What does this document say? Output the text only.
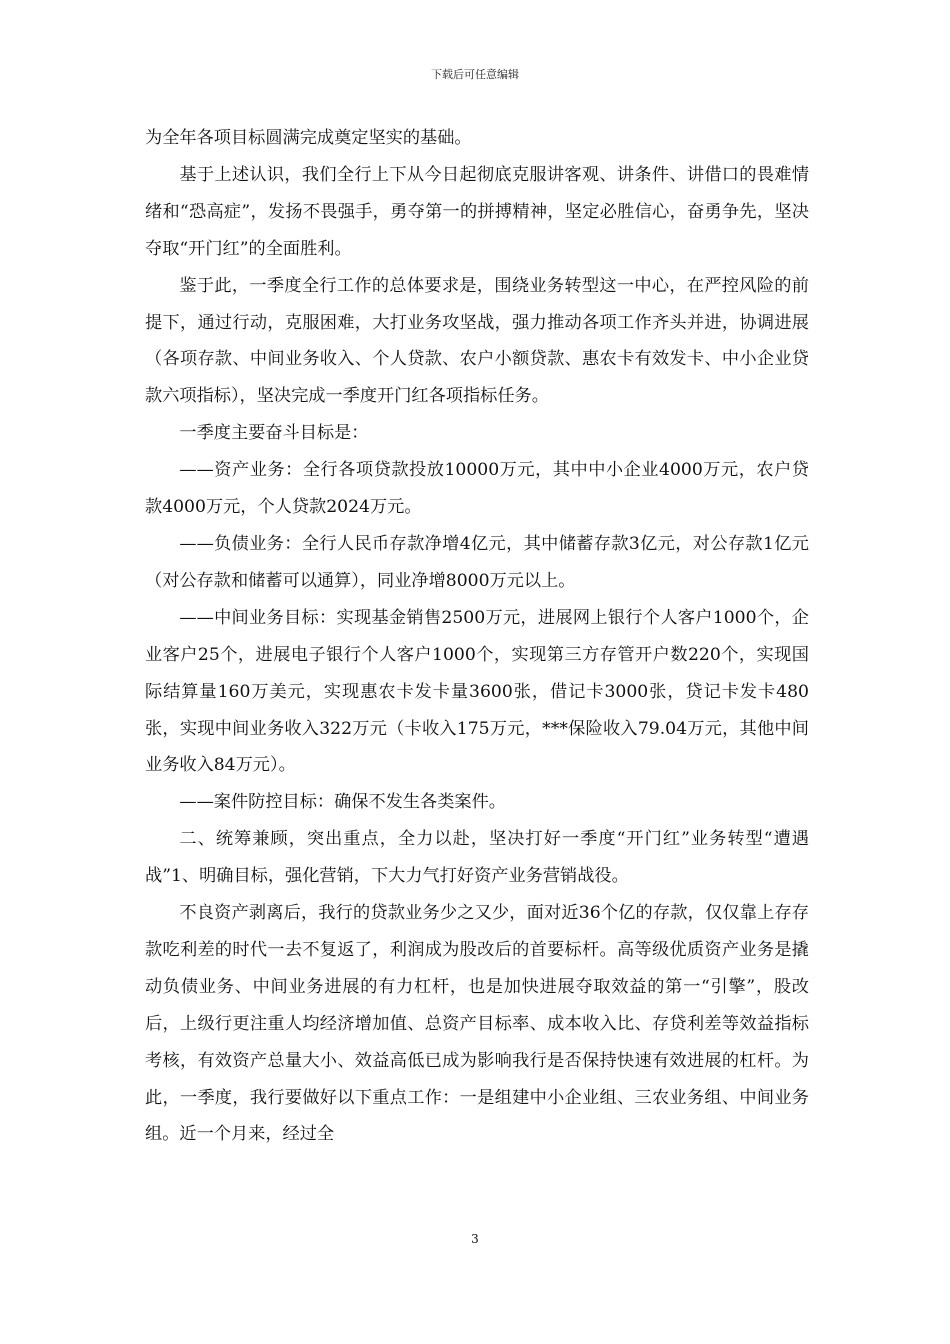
下载后可任意编辑

为全年各项目标圆满完成奠定坚实的基础。

基于上述认识，我们全行上下从今日起彻底克服讲客观、讲条件、讲借口的畏难情绪和“恐高症”，发扬不畏强手，勇夺第一的拼搏精神，坚定必胜信心，奋勇争先，坚决夺取“开门红”的全面胜利。

鉴于此，一季度全行工作的总体要求是，围绕业务转型这一中心，在严控风险的前提下，通过行动，克服困难，大打业务攻坚战，强力推动各项工作齐头并进，协调进展（各项存款、中间业务收入、个人贷款、农户小额贷款、惠农卡有效发卡、中小企业贷款六项指标），坚决完成一季度开门红各项指标任务。

一季度主要奋斗目标是：

——资产业务：全行各项贷款投放10000万元，其中中小企业4000万元，农户贷款4000万元，个人贷款2024万元。

——负债业务：全行人民币存款净增4亿元，其中储蓄存款3亿元，对公存款1亿元（对公存款和储蓄可以通算），同业净增8000万元以上。

——中间业务目标：实现基金销售2500万元，进展网上银行个人客户1000个，企业客户25个，进展电子银行个人客户1000个，实现第三方存管开户数220个，实现国际结算量160万美元，实现惠农卡发卡量3600张，借记卡3000张，贷记卡发卡480张，实现中间业务收入322万元（卡收入175万元，***保险收入79.04万元，其他中间业务收入84万元）。

——案件防控目标：确保不发生各类案件。

二、统筹兼顾，突出重点，全力以赴，坚决打好一季度“开门红”业务转型“遭遇战”1、明确目标，强化营销，下大力气打好资产业务营销战役。

不良资产剥离后，我行的贷款业务少之又少，面对近36个亿的存款，仅仅靠上存存款吃利差的时代一去不复返了，利润成为股改后的首要标杆。高等级优质资产业务是撬动负债业务、中间业务进展的有力杠杆，也是加快进展夺取效益的第一“引擎”，股改后，上级行更注重人均经济增加值、总资产目标率、成本收入比、存贷利差等效益指标考核，有效资产总量大小、效益高低已成为影响我行是否保持快速有效进展的杠杆。为此，一季度，我行要做好以下重点工作：一是组建中小企业组、三农业务组、中间业务组。近一个月来，经过全

3
